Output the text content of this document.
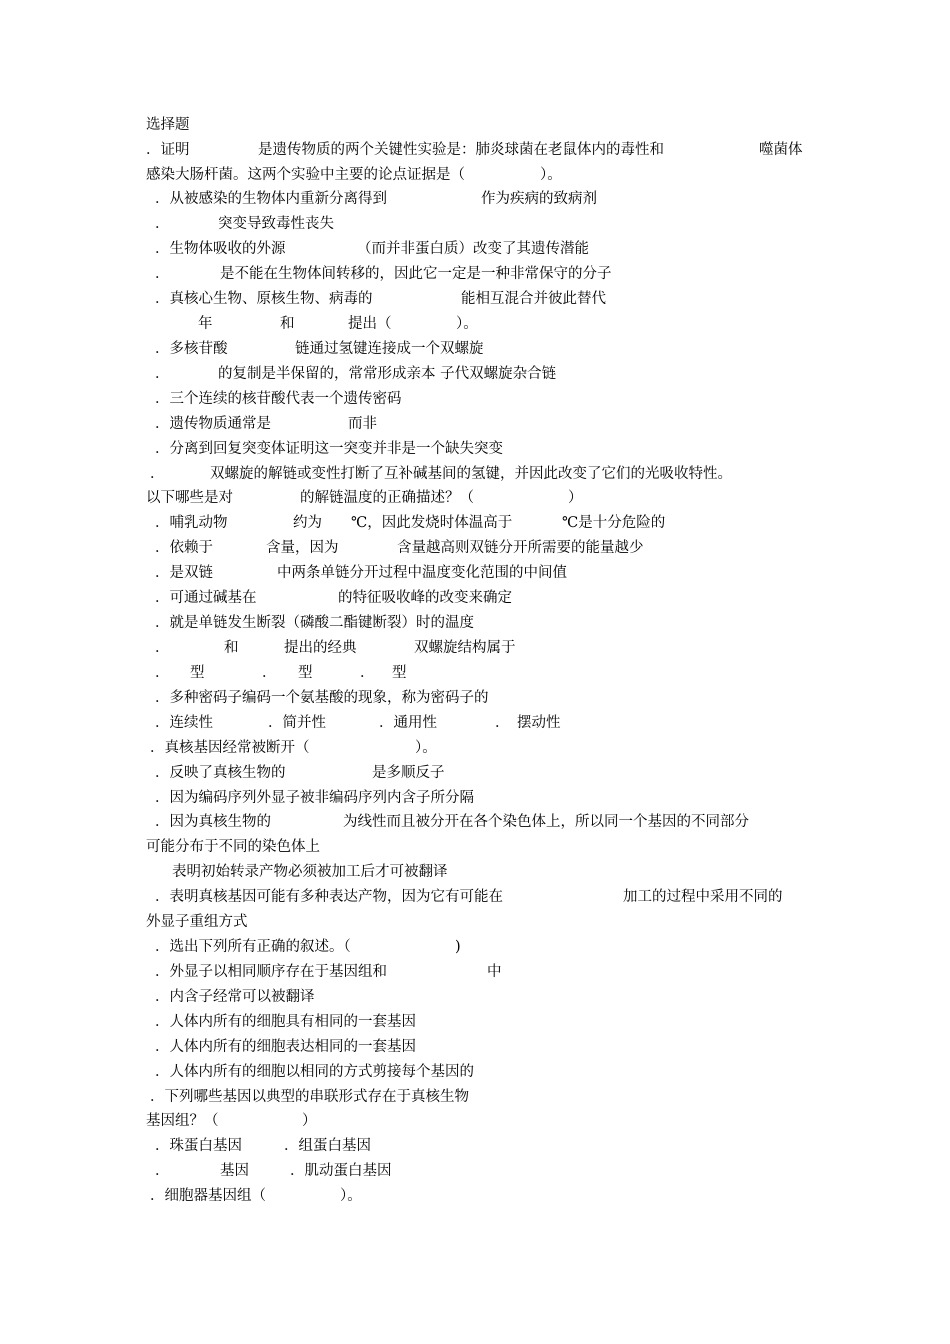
选择题
．证明	是遗传物质的两个关键性实验是：肺炎球菌在老鼠体内的毒性和	噬菌体
感染大肠杆菌。这两个实验中主要的论点证据是（	）。
．从被感染的生物体内重新分离得到	作为疾病的致病剂
．	突变导致毒性丧失
．生物体吸收的外源	（而并非蛋白质）改变了其遗传潜能
．	是不能在生物体间转移的，因此它一定是一种非常保守的分子
．真核心生物、原核生物、病毒的	能相互混合并彼此替代
年	和	提出（	）。
．多核苷酸	链通过氢键连接成一个双螺旋
．	的复制是半保留的，常常形成亲本 子代双螺旋杂合链
．三个连续的核苷酸代表一个遗传密码
．遗传物质通常是	而非
．分离到回复突变体证明这一突变并非是一个缺失突变
．	双螺旋的解链或变性打断了互补碱基间的氢键，并因此改变了它们的光吸收特性。
以下哪些是对	的解链温度的正确描述？（	）
．哺乳动物	约为 ℃，因此发烧时体温高于	℃是十分危险的
．依赖于	含量，因为	含量越高则双链分开所需要的能量越少
．是双链	中两条单链分开过程中温度变化范围的中间值
．可通过碱基在	的特征吸收峰的改变来确定
．就是单链发生断裂（磷酸二酯键断裂）时的温度
．	和	提出的经典	双螺旋结构属于
． 型	． 型	． 型
．多种密码子编码一个氨基酸的现象，称为密码子的
．连续性	．简并性	．通用性	． 摆动性
．真核基因经常被断开（	）。
．反映了真核生物的	是多顺反子
．因为编码序列外显子被非编码序列内含子所分隔
．因为真核生物的	为线性而且被分开在各个染色体上，所以同一个基因的不同部分
可能分布于不同的染色体上
表明初始转录产物必须被加工后才可被翻译
．表明真核基因可能有多种表达产物，因为它有可能在	加工的过程中采用不同的
外显子重组方式
．选出下列所有正确的叙述。（	)
．外显子以相同顺序存在于基因组和	中
．内含子经常可以被翻译
．人体内所有的细胞具有相同的一套基因
．人体内所有的细胞表达相同的一套基因
．人体内所有的细胞以相同的方式剪接每个基因的
．下列哪些基因以典型的串联形式存在于真核生物
基因组？（	）
．珠蛋白基因	．组蛋白基因
．	基因	．肌动蛋白基因
．细胞器基因组（	）。
